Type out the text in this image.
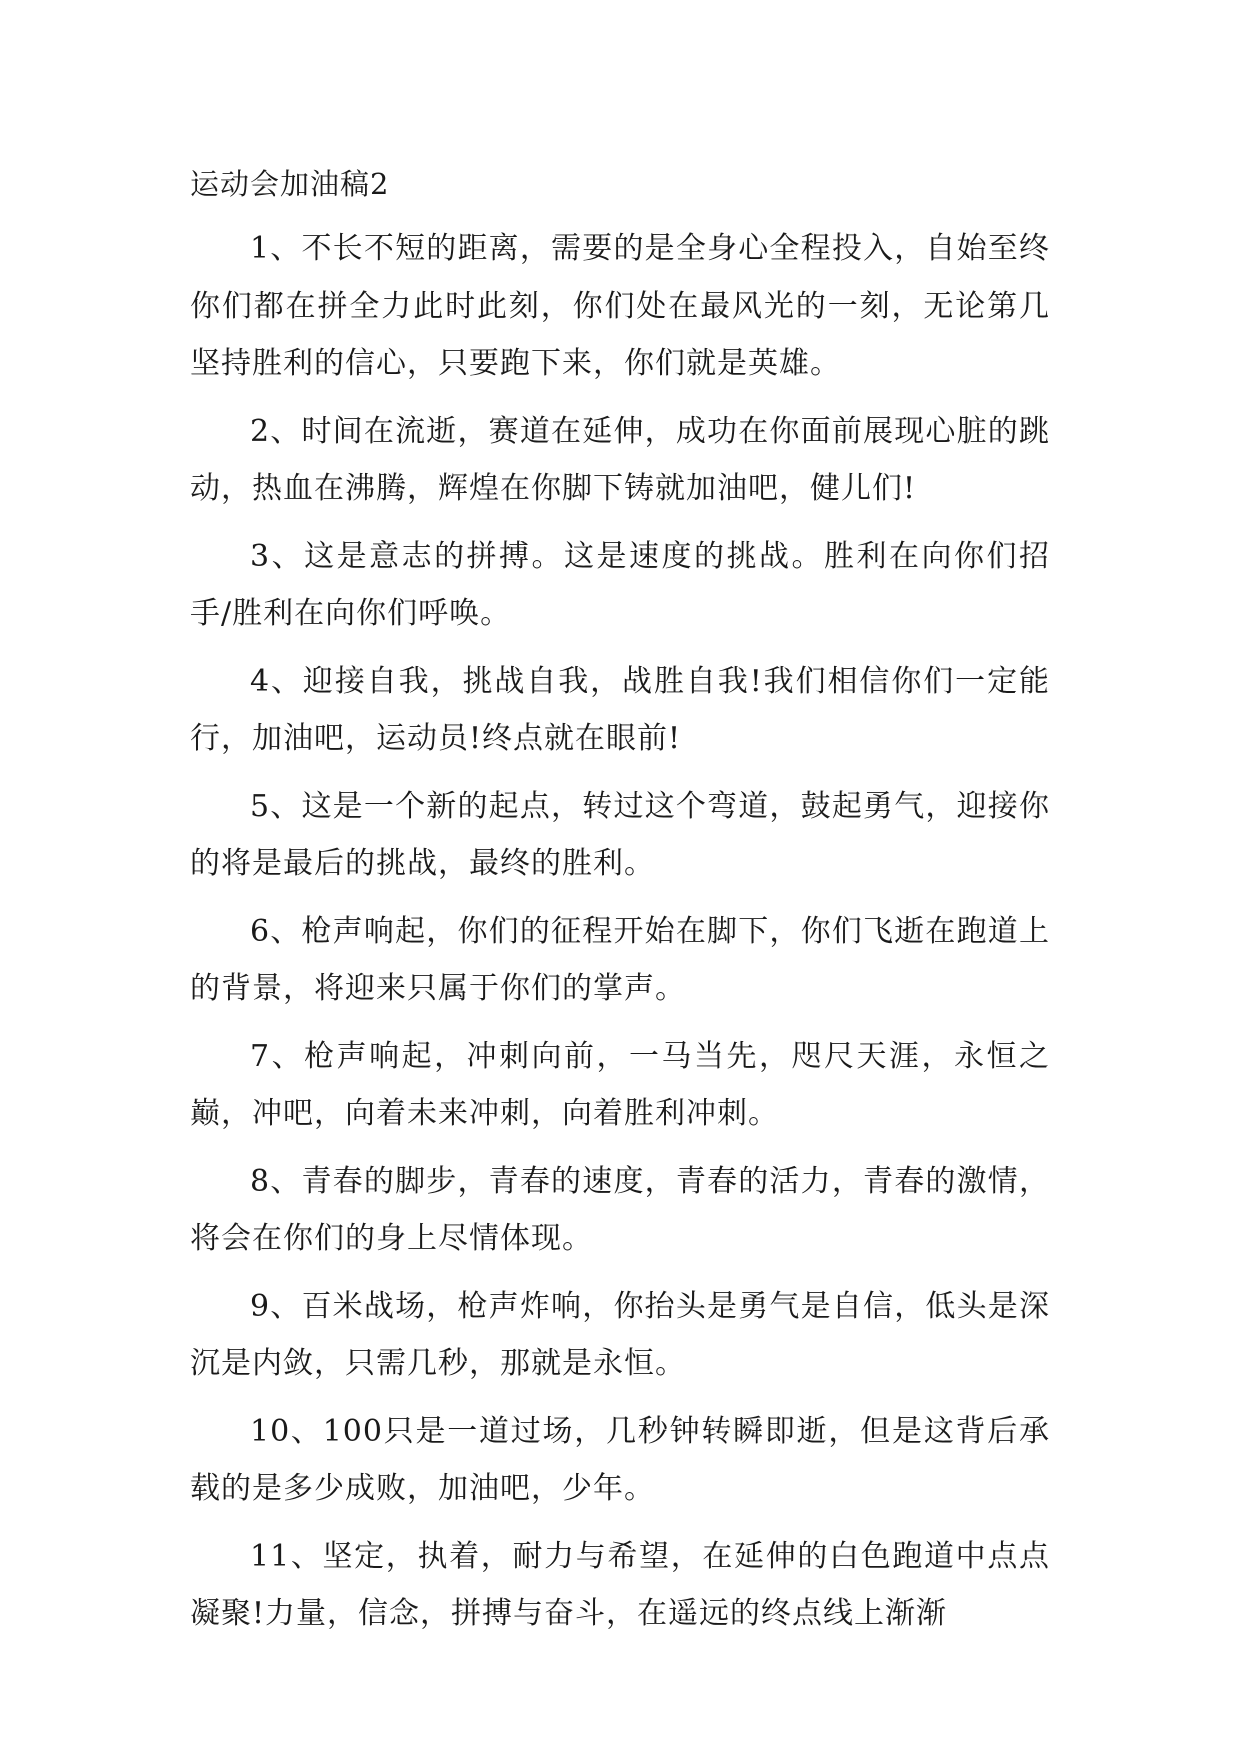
运动会加油稿2

1、不长不短的距离，需要的是全身心全程投入，自始至终你们都在拼全力此时此刻，你们处在最风光的一刻，无论第几坚持胜利的信心，只要跑下来，你们就是英雄。

2、时间在流逝，赛道在延伸，成功在你面前展现心脏的跳动，热血在沸腾，辉煌在你脚下铸就加油吧，健儿们!

3、这是意志的拼搏。这是速度的挑战。胜利在向你们招手/胜利在向你们呼唤。

4、迎接自我，挑战自我，战胜自我!我们相信你们一定能行，加油吧，运动员!终点就在眼前!

5、这是一个新的起点，转过这个弯道，鼓起勇气，迎接你的将是最后的挑战，最终的胜利。

6、枪声响起，你们的征程开始在脚下，你们飞逝在跑道上的背景，将迎来只属于你们的掌声。

7、枪声响起，冲刺向前，一马当先，咫尺天涯，永恒之巅，冲吧，向着未来冲刺，向着胜利冲刺。

8、青春的脚步，青春的速度，青春的活力，青春的激情，将会在你们的身上尽情体现。

9、百米战场，枪声炸响，你抬头是勇气是自信，低头是深沉是内敛，只需几秒，那就是永恒。

10、100只是一道过场，几秒钟转瞬即逝，但是这背后承载的是多少成败，加油吧，少年。

11、坚定，执着，耐力与希望，在延伸的白色跑道中点点凝聚!力量，信念，拼搏与奋斗，在遥远的终点线上渐渐
